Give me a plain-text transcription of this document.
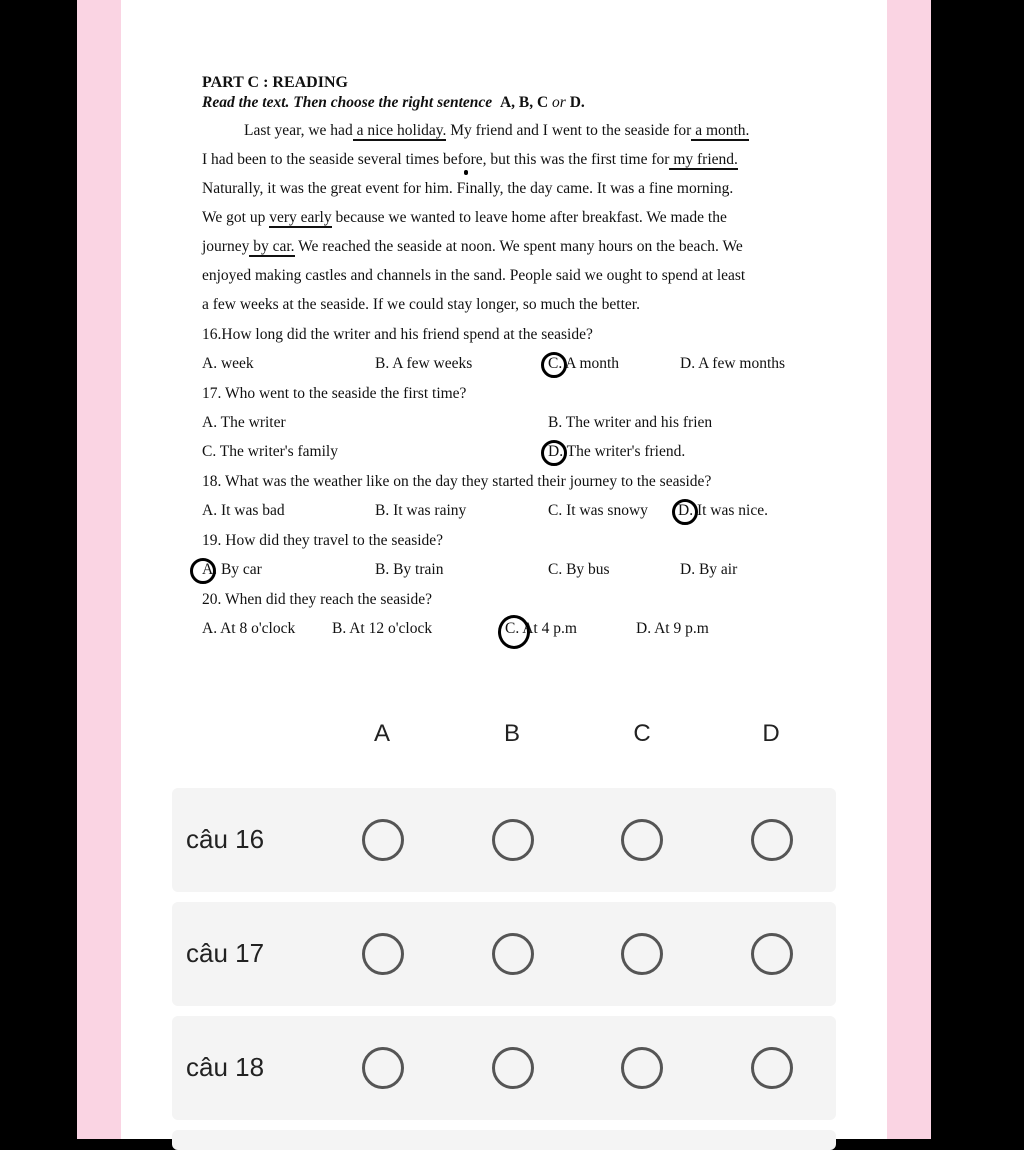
PART C : READING
Read the text. Then choose the right sentence A, B, C or D.
Last year, we had a nice holiday. My friend and I went to the seaside for a month.
I had been to the seaside several times before, but this was the first time for my friend.
Naturally, it was the great event for him. Finally, the day came. It was a fine morning.
We got up very early because we wanted to leave home after breakfast. We made the
journey by car. We reached the seaside at noon. We spent many hours on the beach. We
enjoyed making castles and channels in the sand. People said we ought to spend at least
a few weeks at the seaside. If we could stay longer, so much the better.
16.How long did the writer and his friend spend at the seaside?
A. week	B. A few weeks	C. A month	D. A few months
17. Who went to the seaside the first time?
A. The writer	B. The writer and his frien
C. The writer's family	D. The writer's friend.
18. What was the weather like on the day they started their journey to the seaside?
A. It was bad	B. It was rainy	C. It was snowy D. It was nice.
19. How did they travel to the seaside?
A. By car	B. By train	C. By bus	D. By air
20. When did they reach the seaside?
A. At 8 o'clock B. At 12 o'clock	C. At 4 p.m	D. At 9 p.m
A	B	C	D
câu 16
câu 17
câu 18
